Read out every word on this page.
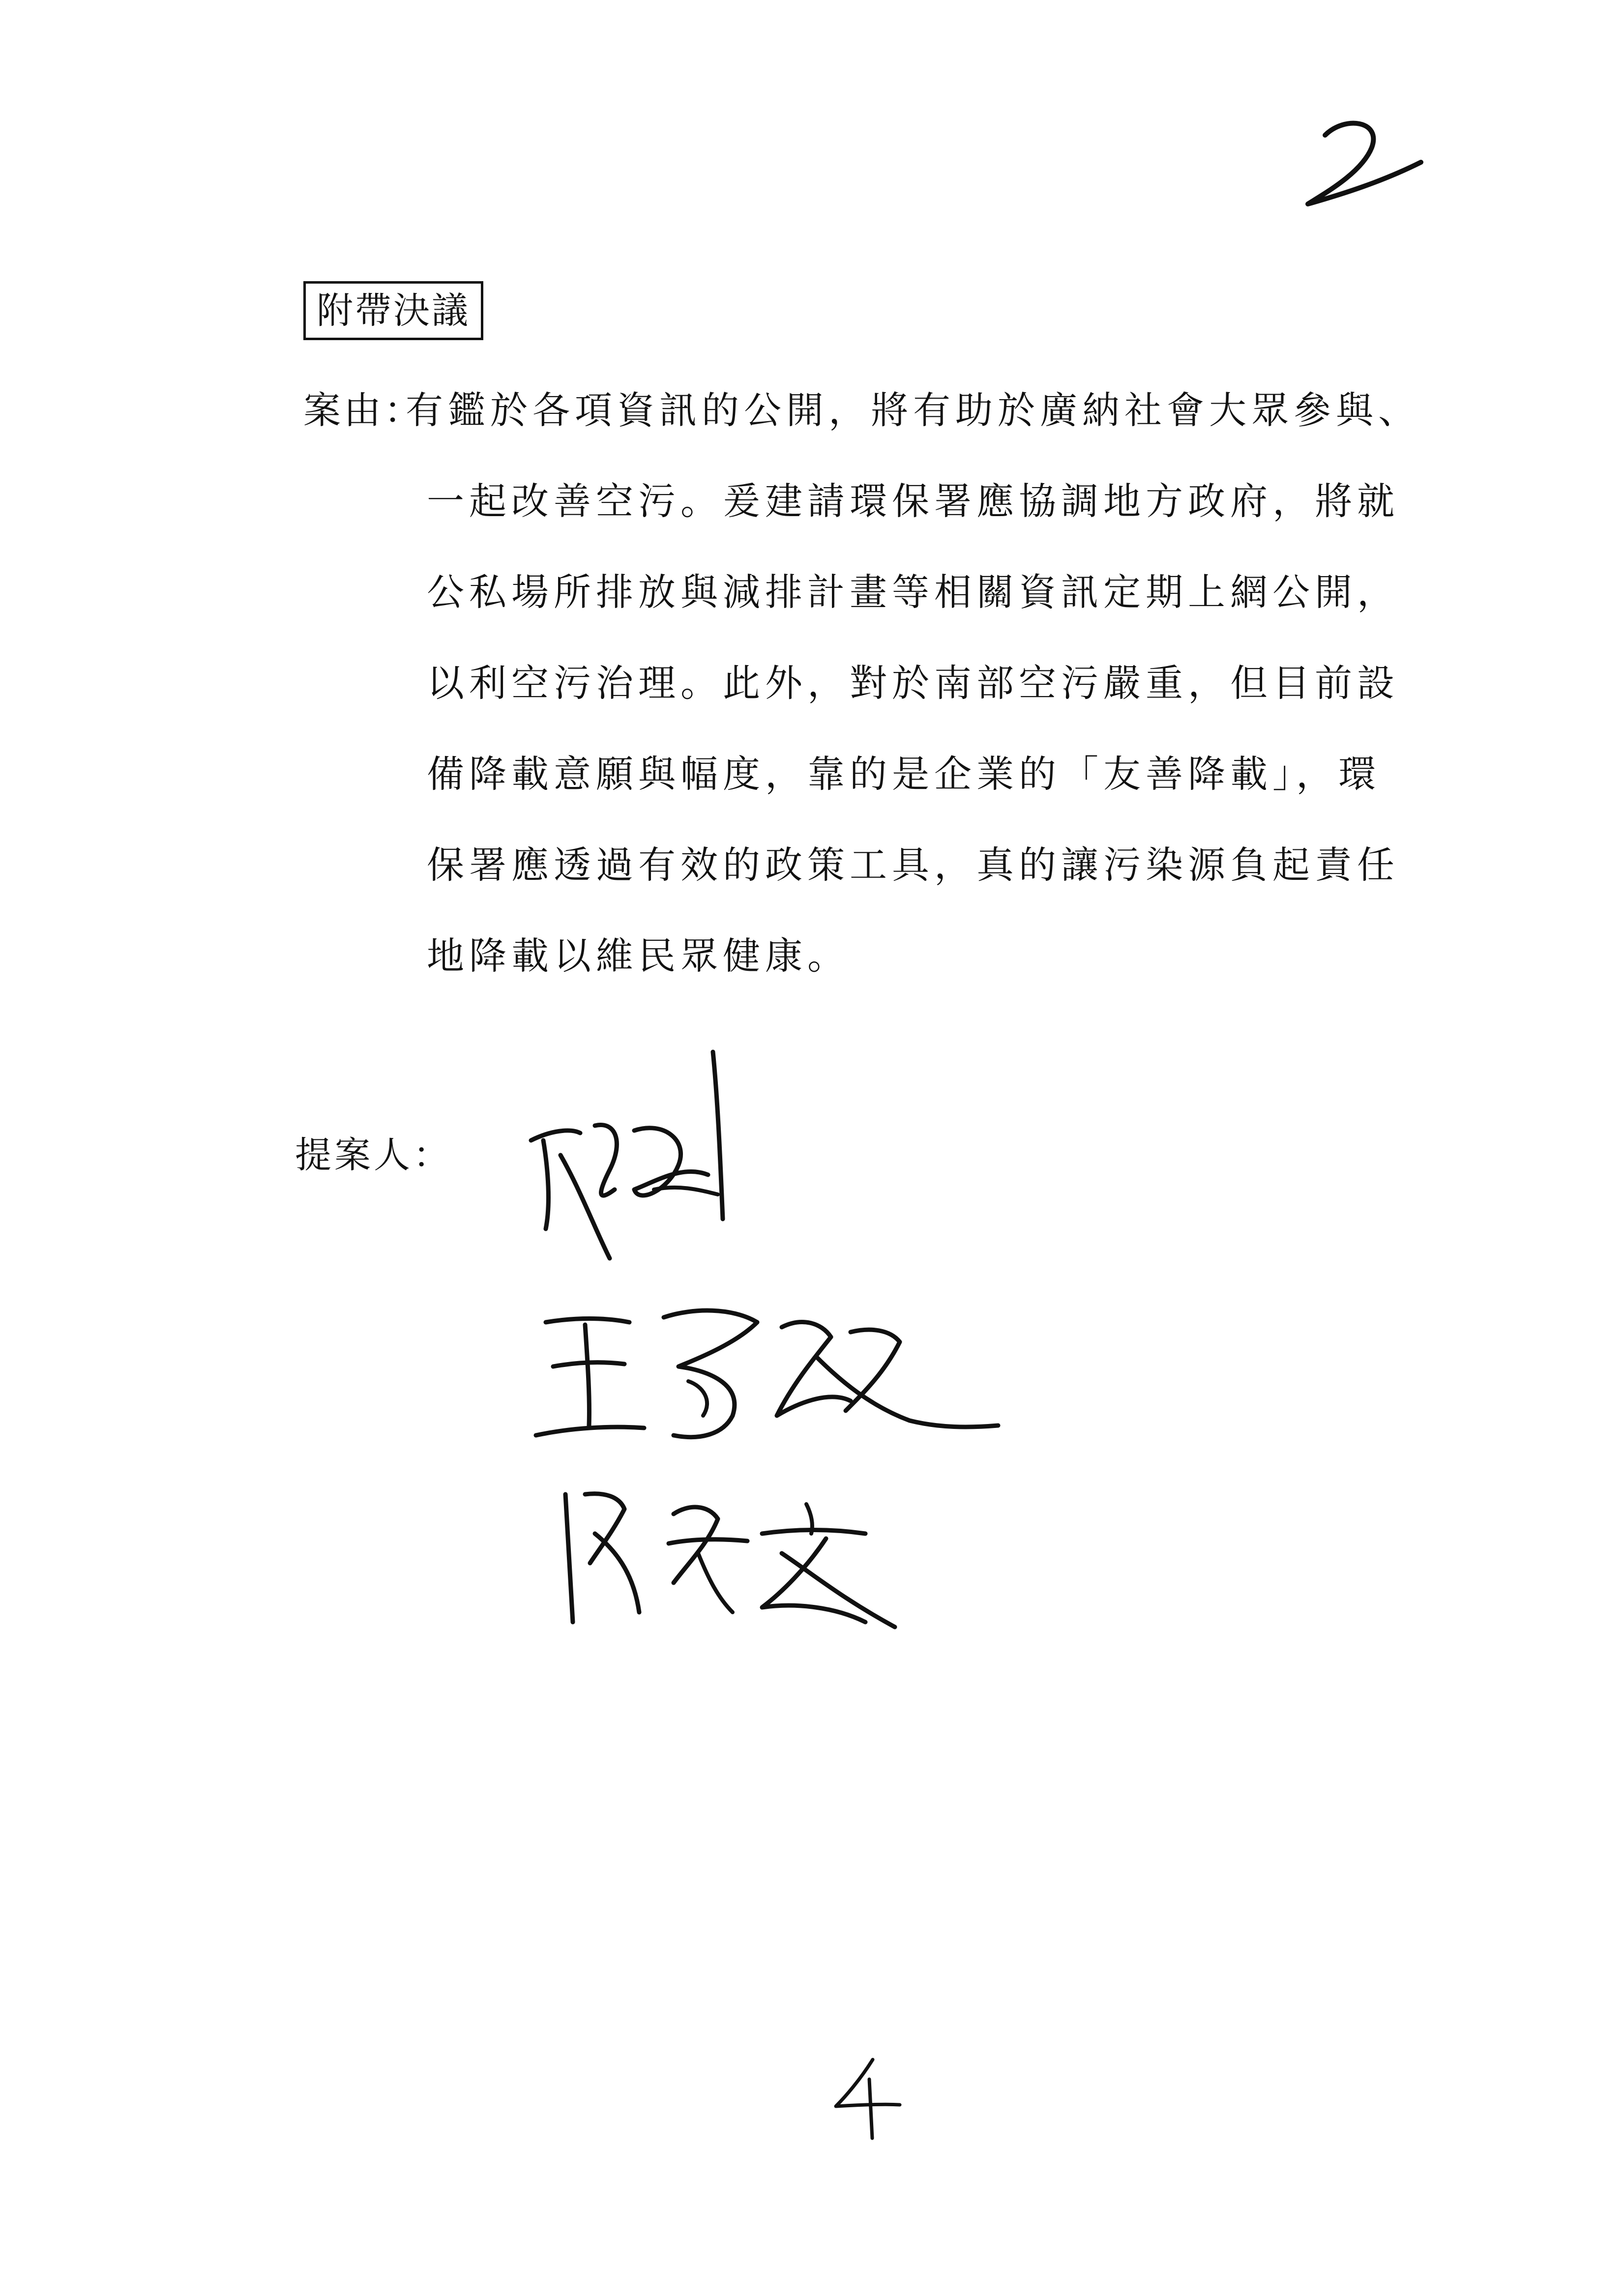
附帶決議
案由：
有鑑於各項資訊的公開，將有助於廣納社會大眾參與、
一起改善空污。爰建請環保署應協調地方政府，將就
公私場所排放與減排計畫等相關資訊定期上網公開，
以利空污治理。此外，對於南部空污嚴重，但目前設
備降載意願與幅度，靠的是企業的「友善降載」，環
保署應透過有效的政策工具，真的讓污染源負起責任
地降載以維民眾健康。
提案人：
